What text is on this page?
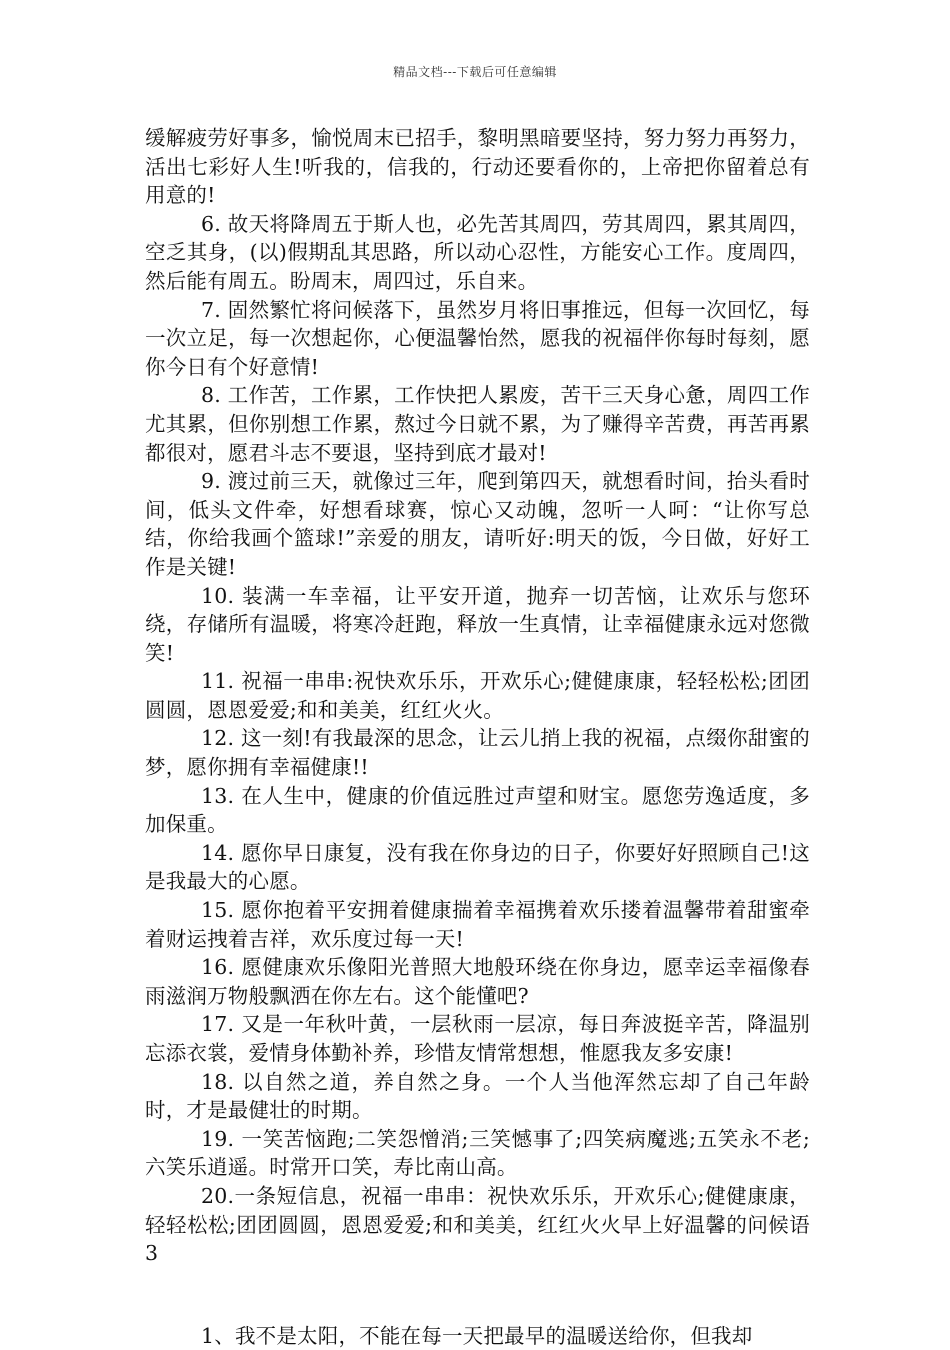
精品文档---下载后可任意编辑

缓解疲劳好事多，愉悦周末已招手，黎明黑暗要坚持，努力努力再努力，活出七彩好人生!听我的，信我的，行动还要看你的，上帝把你留着总有用意的!

6. 故天将降周五于斯人也，必先苦其周四，劳其周四，累其周四，空乏其身，(以)假期乱其思路，所以动心忍性，方能安心工作。度周四，然后能有周五。盼周末，周四过，乐自来。

7. 固然繁忙将问候落下，虽然岁月将旧事推远，但每一次回忆，每一次立足，每一次想起你，心便温馨怡然，愿我的祝福伴你每时每刻，愿你今日有个好意情!

8. 工作苦，工作累，工作快把人累废，苦干三天身心惫，周四工作尤其累，但你别想工作累，熬过今日就不累，为了赚得辛苦费，再苦再累都很对，愿君斗志不要退，坚持到底才最对!

9. 渡过前三天，就像过三年，爬到第四天，就想看时间，抬头看时间，低头文件牵，好想看球赛，惊心又动魄，忽听一人呵：“让你写总结，你给我画个篮球!”亲爱的朋友，请听好:明天的饭，今日做，好好工作是关键!

10. 装满一车幸福，让平安开道，抛弃一切苦恼，让欢乐与您环绕，存储所有温暖，将寒冷赶跑，释放一生真情，让幸福健康永远对您微笑!

11. 祝福一串串:祝快欢乐乐，开欢乐心;健健康康，轻轻松松;团团圆圆，恩恩爱爱;和和美美，红红火火。

12. 这一刻!有我最深的思念，让云儿捎上我的祝福，点缀你甜蜜的梦，愿你拥有幸福健康!!

13. 在人生中，健康的价值远胜过声望和财宝。愿您劳逸适度，多加保重。

14. 愿你早日康复，没有我在你身边的日子，你要好好照顾自己!这是我最大的心愿。

15. 愿你抱着平安拥着健康揣着幸福携着欢乐搂着温馨带着甜蜜牵着财运拽着吉祥，欢乐度过每一天!

16. 愿健康欢乐像阳光普照大地般环绕在你身边，愿幸运幸福像春雨滋润万物般飘洒在你左右。这个能懂吧?

17. 又是一年秋叶黄，一层秋雨一层凉，每日奔波挺辛苦，降温别忘添衣裳，爱情身体勤补养，珍惜友情常想想，惟愿我友多安康!

18. 以自然之道，养自然之身。一个人当他浑然忘却了自己年龄时，才是最健壮的时期。

19. 一笑苦恼跑;二笑怨憎消;三笑憾事了;四笑病魔逃;五笑永不老;六笑乐逍遥。时常开口笑，寿比南山高。

20.一条短信息，祝福一串串：祝快欢乐乐，开欢乐心;健健康康，轻轻松松;团团圆圆，恩恩爱爱;和和美美，红红火火早上好温馨的问候语3

1、我不是太阳，不能在每一天把最早的温暖送给你，但我却
